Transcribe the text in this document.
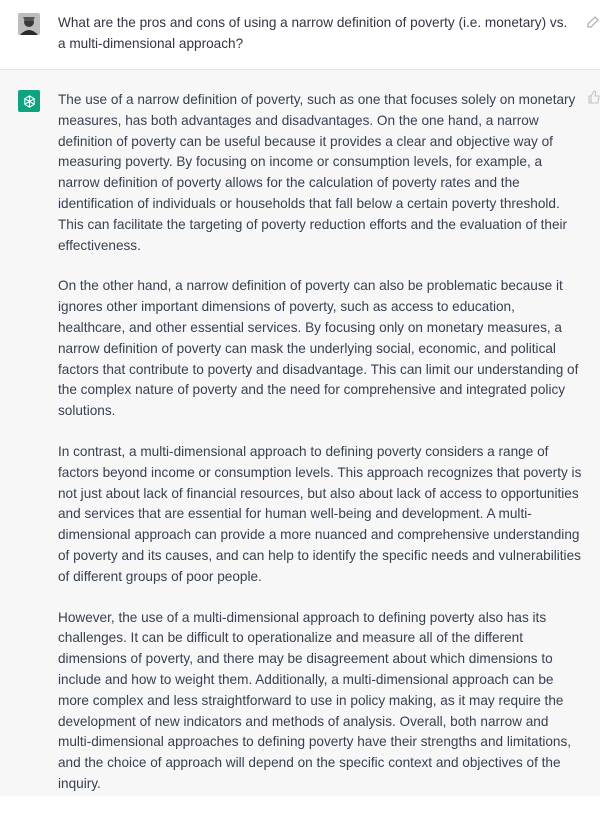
What are the pros and cons of using a narrow definition of poverty (i.e. monetary) vs. a multi-dimensional approach?

The use of a narrow definition of poverty, such as one that focuses solely on monetary measures, has both advantages and disadvantages. On the one hand, a narrow definition of poverty can be useful because it provides a clear and objective way of measuring poverty. By focusing on income or consumption levels, for example, a narrow definition of poverty allows for the calculation of poverty rates and the identification of individuals or households that fall below a certain poverty threshold. This can facilitate the targeting of poverty reduction efforts and the evaluation of their effectiveness.

On the other hand, a narrow definition of poverty can also be problematic because it ignores other important dimensions of poverty, such as access to education, healthcare, and other essential services. By focusing only on monetary measures, a narrow definition of poverty can mask the underlying social, economic, and political factors that contribute to poverty and disadvantage. This can limit our understanding of the complex nature of poverty and the need for comprehensive and integrated policy solutions.

In contrast, a multi-dimensional approach to defining poverty considers a range of factors beyond income or consumption levels. This approach recognizes that poverty is not just about lack of financial resources, but also about lack of access to opportunities and services that are essential for human well-being and development. A multi-dimensional approach can provide a more nuanced and comprehensive understanding of poverty and its causes, and can help to identify the specific needs and vulnerabilities of different groups of poor people.

However, the use of a multi-dimensional approach to defining poverty also has its challenges. It can be difficult to operationalize and measure all of the different dimensions of poverty, and there may be disagreement about which dimensions to include and how to weight them. Additionally, a multi-dimensional approach can be more complex and less straightforward to use in policy making, as it may require the development of new indicators and methods of analysis. Overall, both narrow and multi-dimensional approaches to defining poverty have their strengths and limitations, and the choice of approach will depend on the specific context and objectives of the inquiry.
